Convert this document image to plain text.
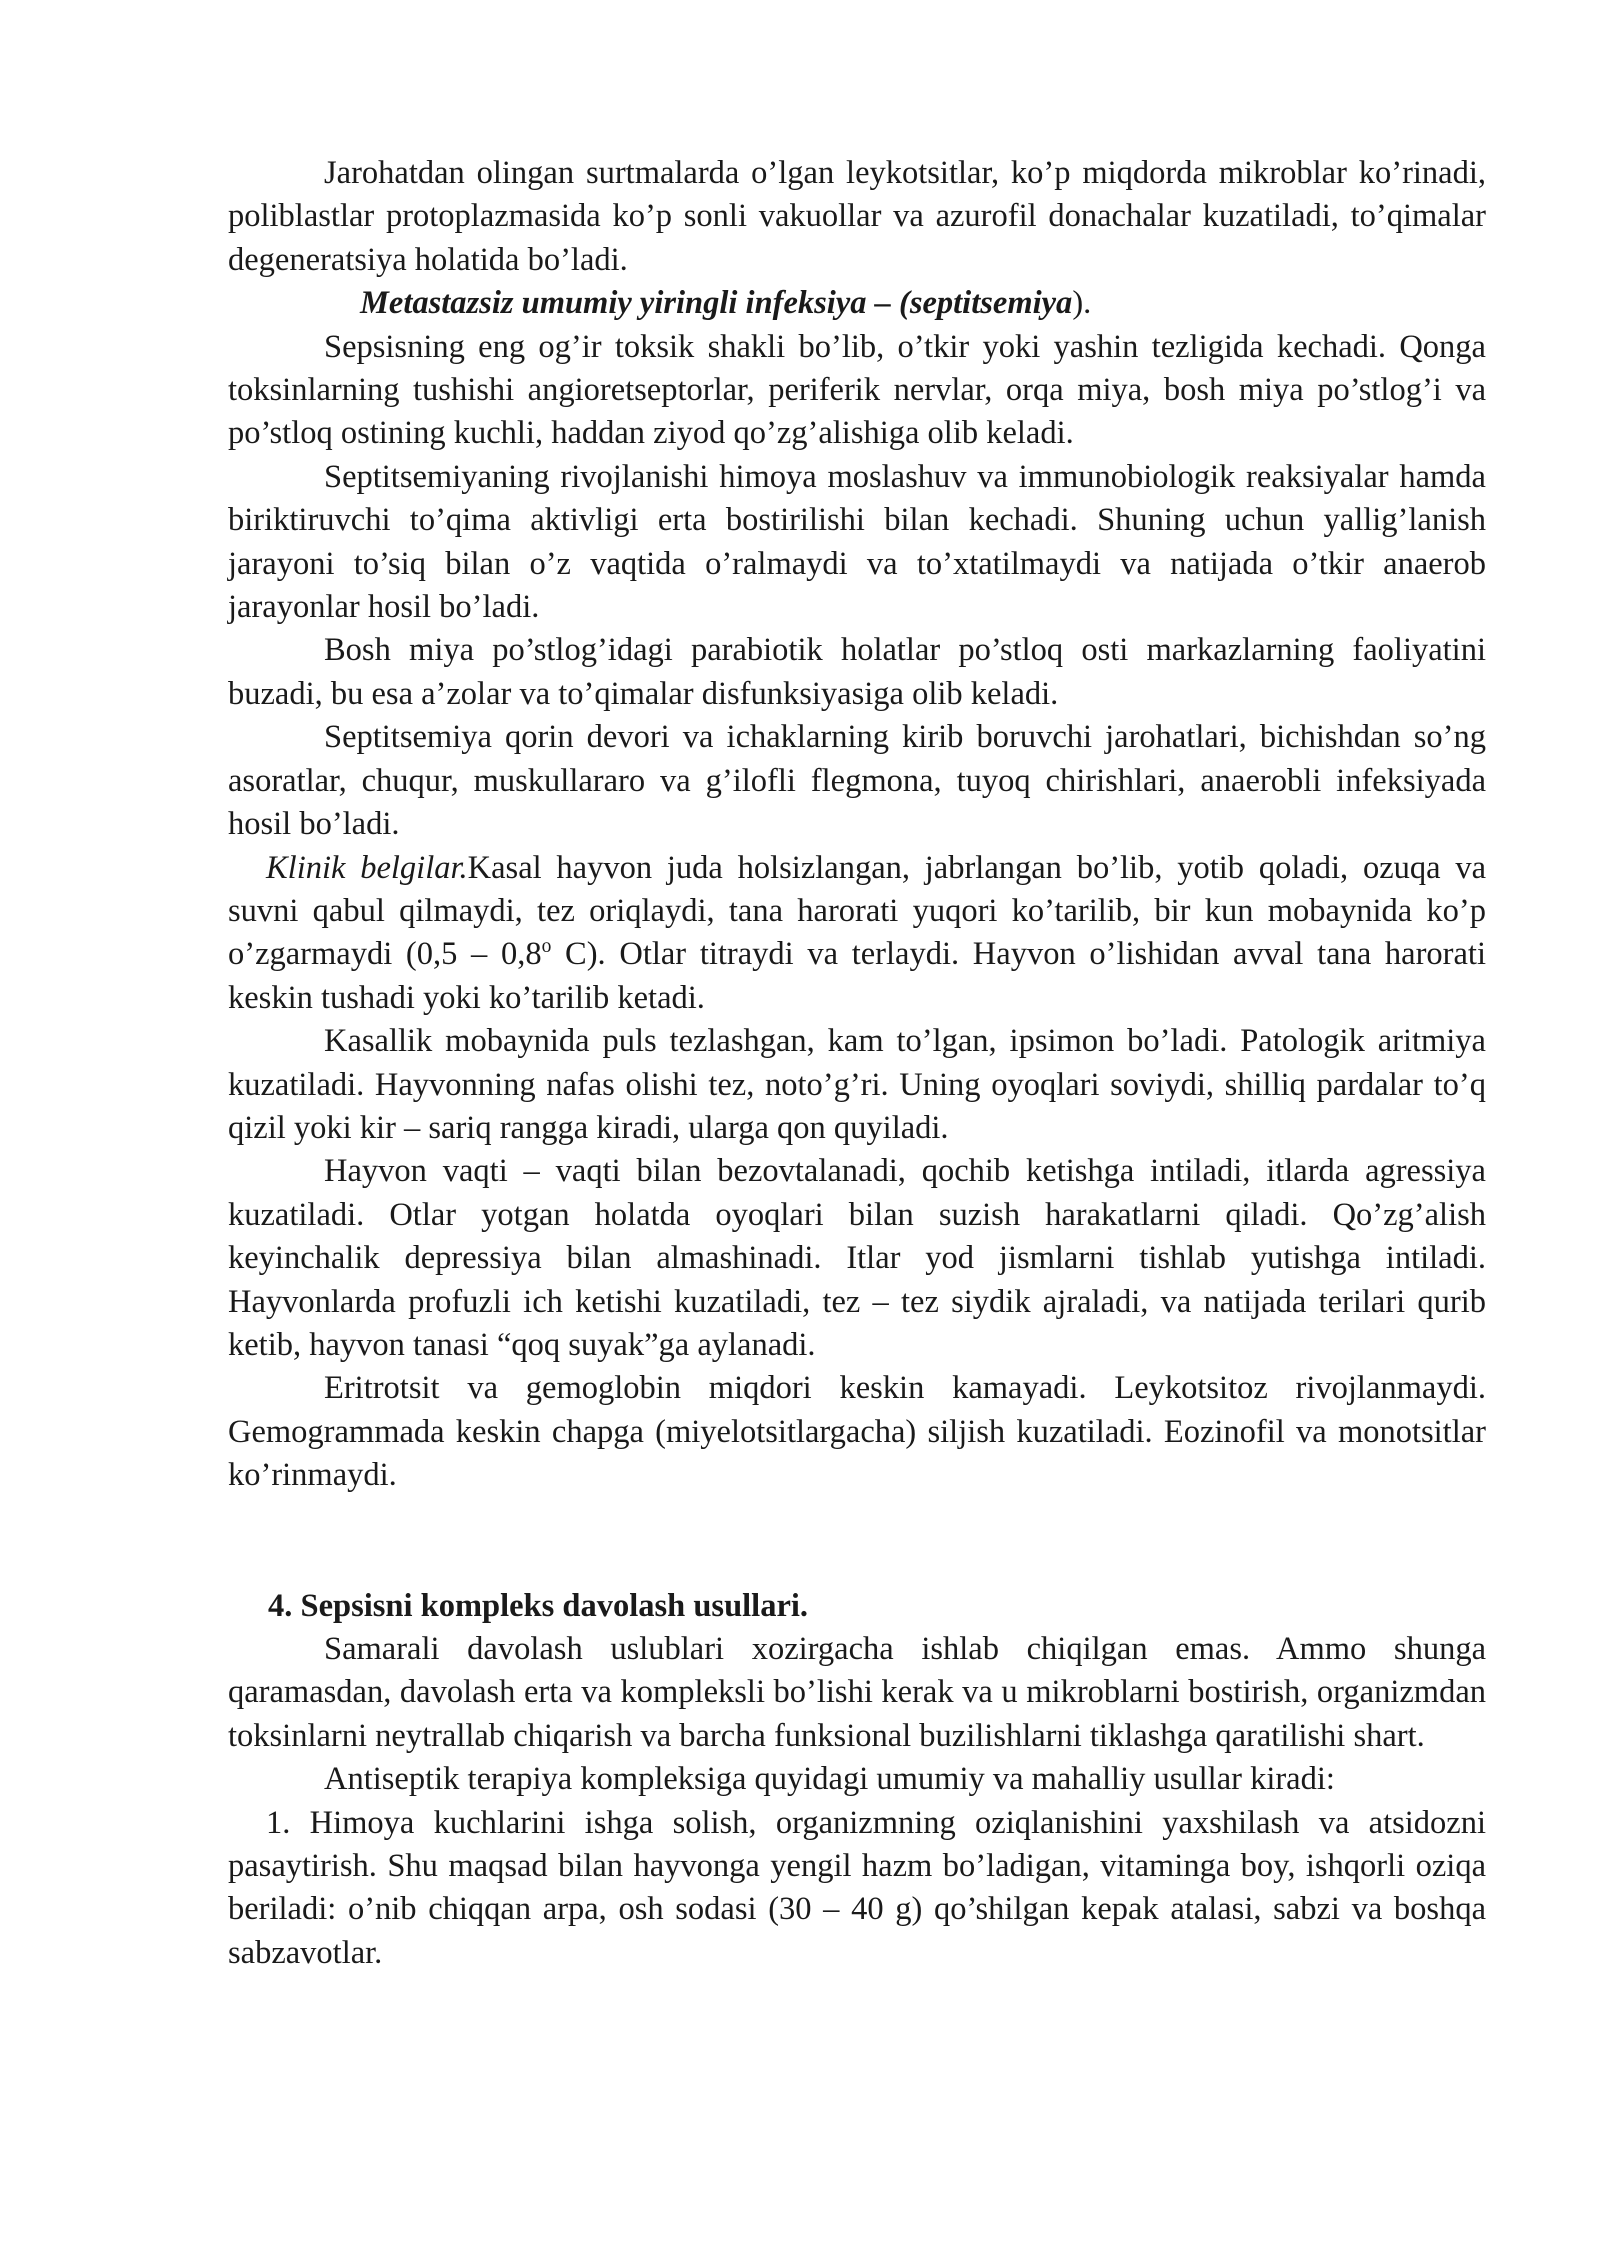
Jarohatdan olingan surtmalarda o’lgan leykotsitlar, ko’p miqdorda mikroblar ko’rinadi, poliblastlar protoplazmasida ko’p sonli vakuollar va azurofil donachalar kuzatiladi, to’qimalar degeneratsiya holatida bo’ladi.

Metastazsiz umumiy yiringli infeksiya – (septitsemiya).

Sepsisning eng og’ir toksik shakli bo’lib, o’tkir yoki yashin tezligida kechadi. Qonga toksinlarning tushishi angioretseptorlar, periferik nervlar, orqa miya, bosh miya po’stlog’i va po’stloq ostining kuchli, haddan ziyod qo’zg’alishiga olib keladi.

Septitsemiyaning rivojlanishi himoya moslashuv va immunobiologik reaksiyalar hamda biriktiruvchi to’qima aktivligi erta bostirilishi bilan kechadi. Shuning uchun yallig’lanish jarayoni to’siq bilan o’z vaqtida o’ralmaydi va to’xtatilmaydi va natijada o’tkir anaerob jarayonlar hosil bo’ladi.

Bosh miya po’stlog’idagi parabiotik holatlar po’stloq osti markazlarning faoliyatini buzadi, bu esa a’zolar va to’qimalar disfunksiyasiga olib keladi.

Septitsemiya qorin devori va ichaklarning kirib boruvchi jarohatlari, bichishdan so’ng asoratlar, chuqur, muskullararo va g’ilofli flegmona, tuyoq chirishlari, anaerobli infeksiyada hosil bo’ladi.

Klinik belgilar.Kasal hayvon juda holsizlangan, jabrlangan bo’lib, yotib qoladi, ozuqa va suvni qabul qilmaydi, tez oriqlaydi, tana harorati yuqori ko’tarilib, bir kun mobaynida ko’p o’zgarmaydi (0,5 – 0,8$^o$ C). Otlar titraydi va terlaydi. Hayvon o’lishidan avval tana harorati keskin tushadi yoki ko’tarilib ketadi.

Kasallik mobaynida puls tezlashgan, kam to’lgan, ipsimon bo’ladi. Patologik aritmiya kuzatiladi. Hayvonning nafas olishi tez, noto’g’ri. Uning oyoqlari soviydi, shilliq pardalar to’q qizil yoki kir – sariq rangga kiradi, ularga qon quyiladi.

Hayvon vaqti – vaqti bilan bezovtalanadi, qochib ketishga intiladi, itlarda agressiya kuzatiladi. Otlar yotgan holatda oyoqlari bilan suzish harakatlarni qiladi. Qo’zg’alish keyinchalik depressiya bilan almashinadi. Itlar yod jismlarni tishlab yutishga intiladi. Hayvonlarda profuzli ich ketishi kuzatiladi, tez – tez siydik ajraladi, va natijada terilari qurib ketib, hayvon tanasi “qoq suyak”ga aylanadi.

Eritrotsit va gemoglobin miqdori keskin kamayadi. Leykotsitoz rivojlanmaydi. Gemogrammada keskin chapga (miyelotsitlargacha) siljish kuzatiladi. Eozinofil va monotsitlar ko’rinmaydi.

4. Sepsisni kompleks davolash usullari.

Samarali davolash uslublari xozirgacha ishlab chiqilgan emas. Ammo shunga qaramasdan, davolash erta va kompleksli bo’lishi kerak va u mikroblarni bostirish, organizmdan toksinlarni neytrallab chiqarish va barcha funksional buzilishlarni tiklashga qaratilishi shart.

Antiseptik terapiya kompleksiga quyidagi umumiy va mahalliy usullar kiradi:

1. Himoya kuchlarini ishga solish, organizmning oziqlanishini yaxshilash va atsidozni pasaytirish. Shu maqsad bilan hayvonga yengil hazm bo’ladigan, vitaminga boy, ishqorli oziqa beriladi: o’nib chiqqan arpa, osh sodasi (30 – 40 g) qo’shilgan kepak atalasi, sabzi va boshqa sabzavotlar.
